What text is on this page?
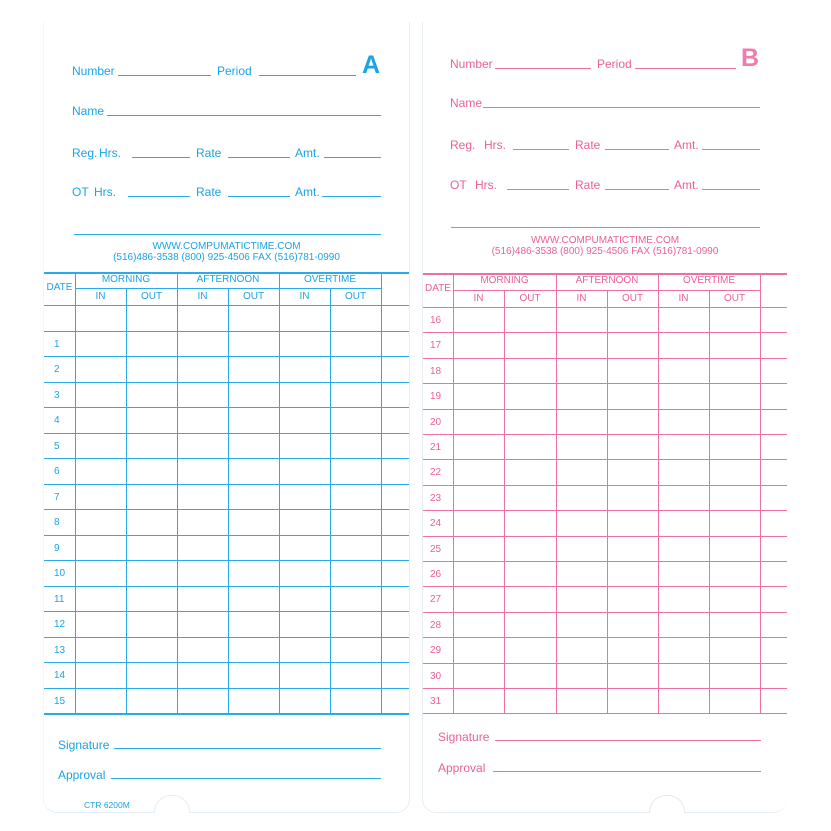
Number	Period	A
Name
Reg. Hrs.	Rate	Amt.
OT Hrs.	Rate	Amt.
WWW.COMPUMATICTIME.COM
(516)486-3538 (800) 925-4506 FAX (516)781-0990
DATE
MORNING	AFTERNOON	OVERTIME
IN	OUT	IN	OUT	IN	OUT
1
2
3
4
5
6
7
8
9
10
11
12
13
14
15
Signature
Approval
CTR 6200M
Number	Period	B
Name
Reg. Hrs.	Rate	Amt.
OT Hrs.	Rate	Amt.
WWW.COMPUMATICTIME.COM
(516)486-3538 (800) 925-4506 FAX (516)781-0990
DATE
MORNING	AFTERNOON	OVERTIME
IN	OUT	IN	OUT	IN	OUT
16
17
18
19
20
21
22
23
24
25
26
27
28
29
30
31
Signature
Approval
